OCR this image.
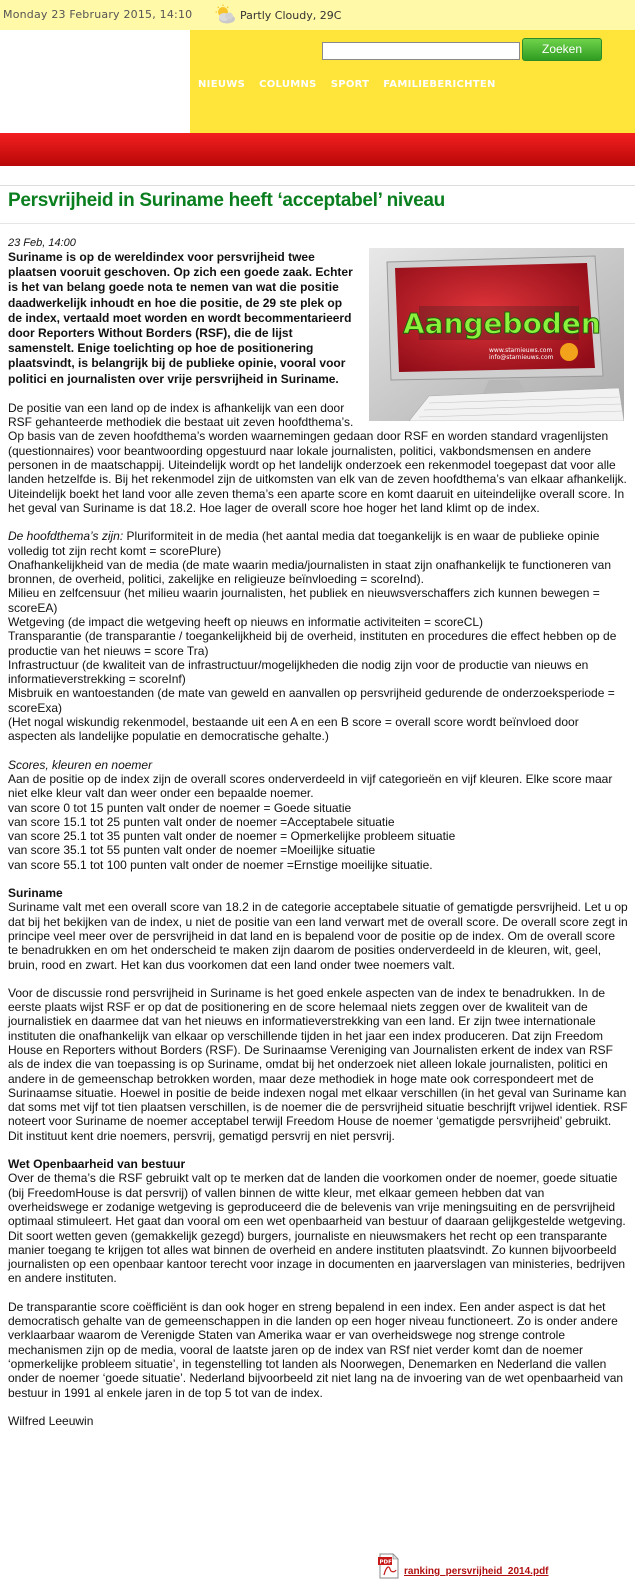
Monday 23 February 2015, 14:10	Partly Cloudy, 29C
Zoeken
NIEUWS COLUMNS SPORT FAMILIEBERICHTEN
Persvrijheid in Suriname heeft ‘acceptabel’ niveau
Aangeboden
www.starnieuws.com
info@starnieuws.com
23 Feb, 14:00

Suriname is op de wereldindex voor persvrijheid twee plaatsen vooruit geschoven. Op zich een goede zaak. Echter is het van belang goede nota te nemen van wat die positie daadwerkelijk inhoudt en hoe die positie, de 29 ste plek op de index, vertaald moet worden en wordt becommentarieerd door Reporters Without Borders (RSF), die de lijst samenstelt. Enige toelichting op hoe de positionering plaatsvindt, is belangrijk bij de publieke opinie, vooral voor politici en journalisten over vrije persvrijheid in Suriname.

De positie van een land op de index is afhankelijk van een door RSF gehanteerde methodiek die bestaat uit zeven hoofdthema’s. Op basis van de zeven hoofdthema’s worden waarnemingen gedaan door RSF en worden standard vragenlijsten (questionnaires) voor beantwoording opgestuurd naar lokale journalisten, politici, vakbondsmensen en andere personen in de maatschappij. Uiteindelijk wordt op het landelijk onderzoek een rekenmodel toegepast dat voor alle landen hetzelfde is. Bij het rekenmodel zijn de uitkomsten van elk van de zeven hoofdthema’s van elkaar afhankelijk. Uiteindelijk boekt het land voor alle zeven thema’s een aparte score en komt daaruit en uiteindelijke overall score. In het geval van Suriname is dat 18.2. Hoe lager de overall score hoe hoger het land klimt op de index.

De hoofdthema’s zijn: Pluriformiteit in de media (het aantal media dat toegankelijk is en waar de publieke opinie volledig tot zijn recht komt = scorePlure)
Onafhankelijkheid van de media (de mate waarin media/journalisten in staat zijn onafhankelijk te functioneren van bronnen, de overheid, politici, zakelijke en religieuze beïnvloeding = scoreInd).
Milieu en zelfcensuur (het milieu waarin journalisten, het publiek en nieuwsverschaffers zich kunnen bewegen = scoreEA)
Wetgeving (de impact die wetgeving heeft op nieuws en informatie activiteiten = scoreCL)
Transparantie (de transparantie / toegankelijkheid bij de overheid, instituten en procedures die effect hebben op de productie van het nieuws = score Tra)
Infrastructuur (de kwaliteit van de infrastructuur/mogelijkheden die nodig zijn voor de productie van nieuws en informatieverstrekking = scoreInf)
Misbruik en wantoestanden (de mate van geweld en aanvallen op persvrijheid gedurende de onderzoeksperiode = scoreExa)
(Het nogal wiskundig rekenmodel, bestaande uit een A en een B score = overall score wordt beïnvloed door aspecten als landelijke populatie en democratische gehalte.)
Scores, kleuren en noemer
Aan de positie op de index zijn de overall scores onderverdeeld in vijf categorieën en vijf kleuren. Elke score maar niet elke kleur valt dan weer onder een bepaalde noemer.
van score 0 tot 15 punten valt onder de noemer = Goede situatie
van score 15.1 tot 25 punten valt onder de noemer =Acceptabele situatie
van score 25.1 tot 35 punten valt onder de noemer = Opmerkelijke probleem situatie
van score 35.1 tot 55 punten valt onder de noemer =Moeilijke situatie
van score 55.1 tot 100 punten valt onder de noemer =Ernstige moeilijke situatie.
Suriname
Suriname valt met een overall score van 18.2 in de categorie acceptabele situatie of gematigde persvrijheid. Let u op dat bij het bekijken van de index, u niet de positie van een land verwart met de overall score. De overall score zegt in principe veel meer over de persvrijheid in dat land en is bepalend voor de positie op de index. Om de overall score te benadrukken en om het onderscheid te maken zijn daarom de posities onderverdeeld in de kleuren, wit, geel, bruin, rood en zwart. Het kan dus voorkomen dat een land onder twee noemers valt.

Voor de discussie rond persvrijheid in Suriname is het goed enkele aspecten van de index te benadrukken. In de eerste plaats wijst RSF er op dat de positionering en de score helemaal niets zeggen over de kwaliteit van de journalistiek en daarmee dat van het nieuws en informatieverstrekking van een land. Er zijn twee internationale instituten die onafhankelijk van elkaar op verschillende tijden in het jaar een index produceren. Dat zijn Freedom House en Reporters without Borders (RSF). De Surinaamse Vereniging van Journalisten erkent de index van RSF als de index die van toepassing is op Suriname, omdat bij het onderzoek niet alleen lokale journalisten, politici en andere in de gemeenschap betrokken worden, maar deze methodiek in hoge mate ook correspondeert met de Surinaamse situatie. Hoewel in positie de beide indexen nogal met elkaar verschillen (in het geval van Suriname kan dat soms met vijf tot tien plaatsen verschillen, is de noemer die de persvrijheid situatie beschrijft vrijwel identiek. RSF noteert voor Suriname de noemer acceptabel terwijl Freedom House de noemer ‘gematigde persvrijheid’ gebruikt. Dit instituut kent drie noemers, persvrij, gematigd persvrij en niet persvrij.

Wet Openbaarheid van bestuur
Over de thema’s die RSF gebruikt valt op te merken dat de landen die voorkomen onder de noemer, goede situatie (bij FreedomHouse is dat persvrij) of vallen binnen de witte kleur, met elkaar gemeen hebben dat van overheidswege er zodanige wetgeving is geproduceerd die de belevenis van vrije meningsuiting en de persvrijheid optimaal stimuleert. Het gaat dan vooral om een wet openbaarheid van bestuur of daaraan gelijkgestelde wetgeving. Dit soort wetten geven (gemakkelijk gezegd) burgers, journaliste en nieuwsmakers het recht op een transparante manier toegang te krijgen tot alles wat binnen de overheid en andere instituten plaatsvindt. Zo kunnen bijvoorbeeld journalisten op een openbaar kantoor terecht voor inzage in documenten en jaarverslagen van ministeries, bedrijven en andere instituten.

De transparantie score coëfficiënt is dan ook hoger en streng bepalend in een index. Een ander aspect is dat het democratisch gehalte van de gemeenschappen in die landen op een hoger niveau functioneert. Zo is onder andere verklaarbaar waarom de Verenigde Staten van Amerika waar er van overheidswege nog strenge controle mechanismen zijn op de media, vooral de laatste jaren op de index van RSf niet verder komt dan de noemer ‘opmerkelijke probleem situatie’, in tegenstelling tot landen als Noorwegen, Denemarken en Nederland die vallen onder de noemer ‘goede situatie’. Nederland bijvoorbeeld zit niet lang na de invoering van de wet openbaarheid van bestuur in 1991 al enkele jaren in de top 5 tot van de index.

Wilfred Leeuwin

PDF
ranking_persvrijheid_2014.pdf
